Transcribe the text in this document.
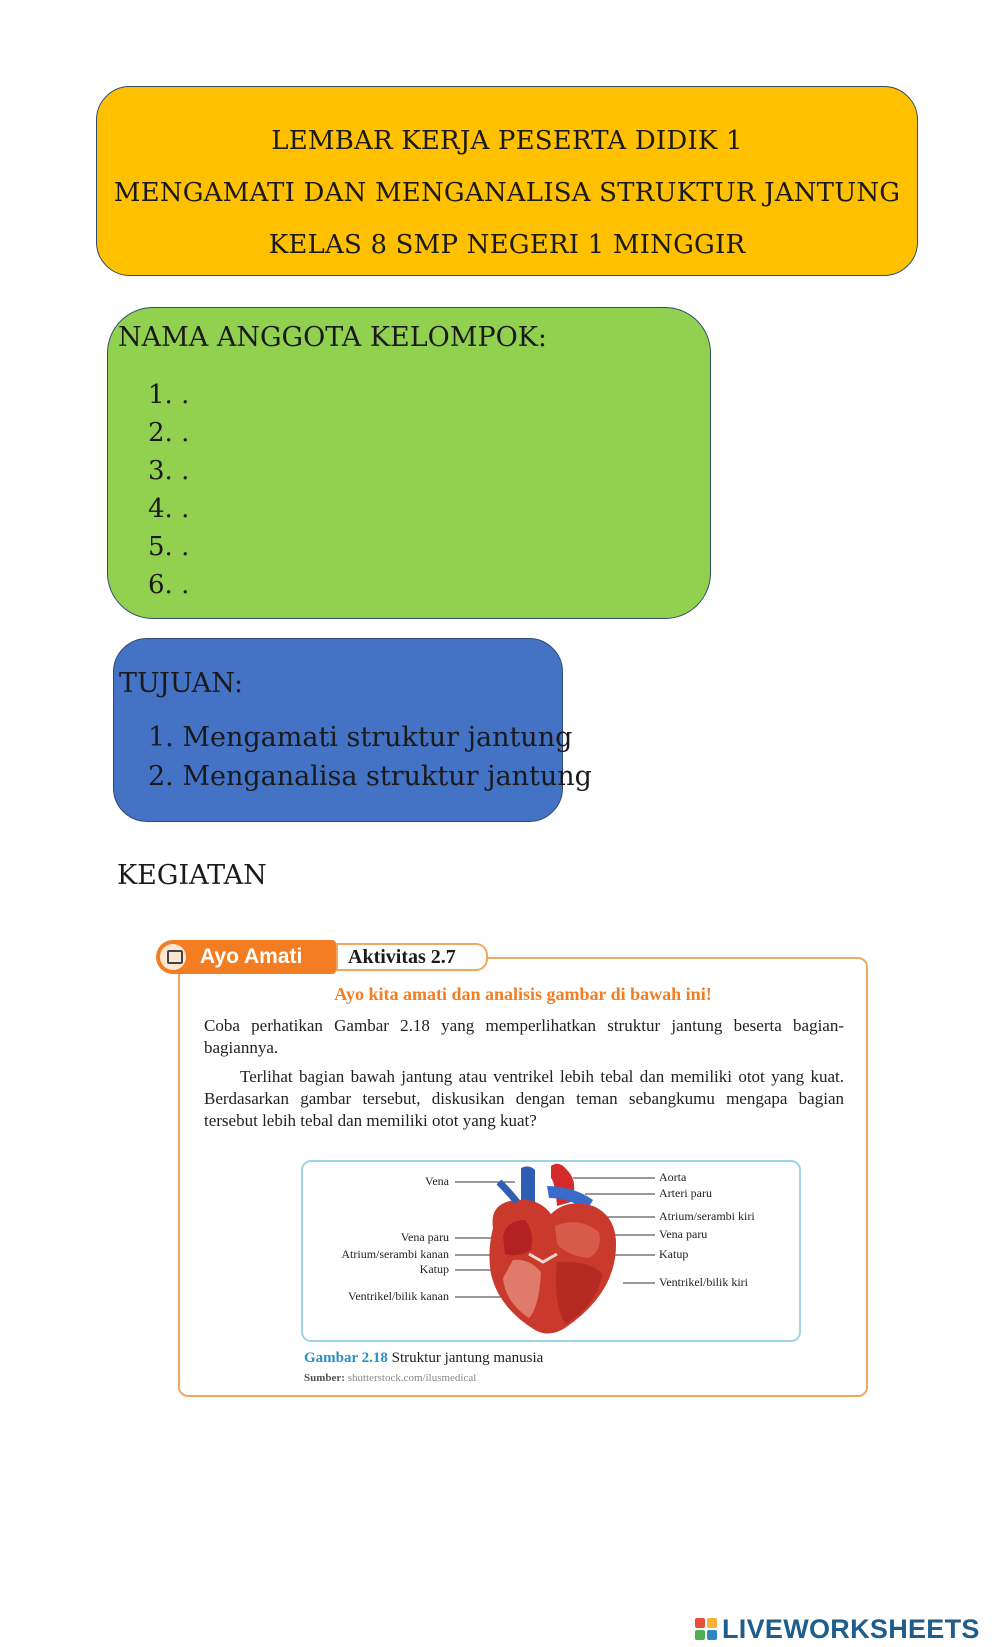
LEMBAR KERJA PESERTA DIDIK 1
MENGAMATI DAN MENGANALISA STRUKTUR JANTUNG
KELAS 8 SMP NEGERI 1 MINGGIR
NAMA ANGGOTA KELOMPOK:
1. .
2. .
3. .
4. .
5. .
6. .
TUJUAN:
1. Mengamati struktur jantung
2. Menganalisa struktur jantung
KEGIATAN
Ayo Amati	Aktivitas 2.7
Ayo kita amati dan analisis gambar di bawah ini!
Coba perhatikan Gambar 2.18 yang memperlihatkan struktur jantung beserta bagian-bagiannya.
Terlihat bagian bawah jantung atau ventrikel lebih tebal dan memiliki otot yang kuat. Berdasarkan gambar tersebut, diskusikan dengan teman sebangkumu mengapa bagian tersebut lebih tebal dan memiliki otot yang kuat?
Vena
Vena paru
Atrium/serambi kanan
Katup
Ventrikel/bilik kanan
Aorta
Arteri paru
Atrium/serambi kiri
Vena paru
Katup
Ventrikel/bilik kiri
Gambar 2.18 Struktur jantung manusia
Sumber: shutterstock.com/ilusmedical
LIVEWORKSHEETS
